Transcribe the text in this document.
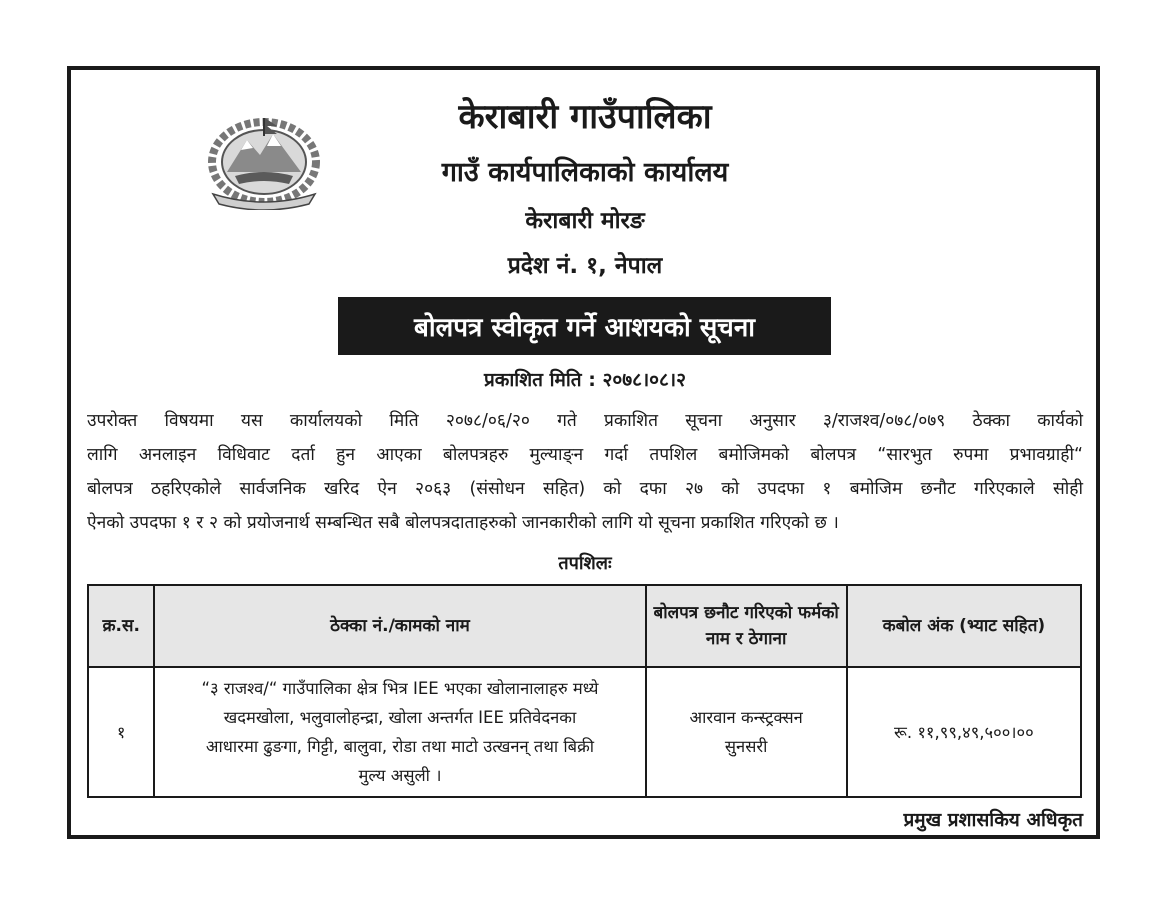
केराबारी गाउँपालिका
गाउँ कार्यपालिकाको कार्यालय
केराबारी मोरङ
प्रदेश नं. १, नेपाल
बोलपत्र स्वीकृत गर्ने आशयको सूचना
प्रकाशित मिति : २०७८।०८।२
उपरोक्त विषयमा यस कार्यालयको मिति २०७८/०६/२० गते प्रकाशित सूचना अनुसार ३/राजश्व/०७८/०७९ ठेक्का कार्यको
लागि अनलाइन विधिवाट दर्ता हुन आएका बोलपत्रहरु मुल्याङ्न गर्दा तपशिल बमोजिमको बोलपत्र “सारभुत रुपमा प्रभावग्राही“
बोलपत्र ठहरिएकोले सार्वजनिक खरिद ऐन २०६३ (संसोधन सहित) को दफा २७ को उपदफा १ बमोजिम छनौट गरिएकाले सोही
ऐनको उपदफा १ र २ को प्रयोजनार्थ सम्बन्धित सबै बोलपत्रदाताहरुको जानकारीको लागि यो सूचना प्रकाशित गरिएको छ ।
तपशिलः
क्र.स.	ठेक्का नं./कामको नाम	बोलपत्र छनौट गरिएको फर्मको नाम र ठेगाना	कबोल अंक (भ्याट सहित)
१	“३ राजश्व/“ गाउँपालिका क्षेत्र भित्र IEE भएका खोलानालाहरु मध्ये खदमखोला, भलुवालोहन्द्रा, खोला अन्तर्गत IEE प्रतिवेदनका आधारमा ढुङगा, गिट्टी, बालुवा, रोडा तथा माटो उत्खनन् तथा बिक्री मुल्य असुली ।	आरवान कन्स्ट्रक्सन सुनसरी	रू. ११,९९,४९,५००।००
प्रमुख प्रशासकिय अधिकृत
